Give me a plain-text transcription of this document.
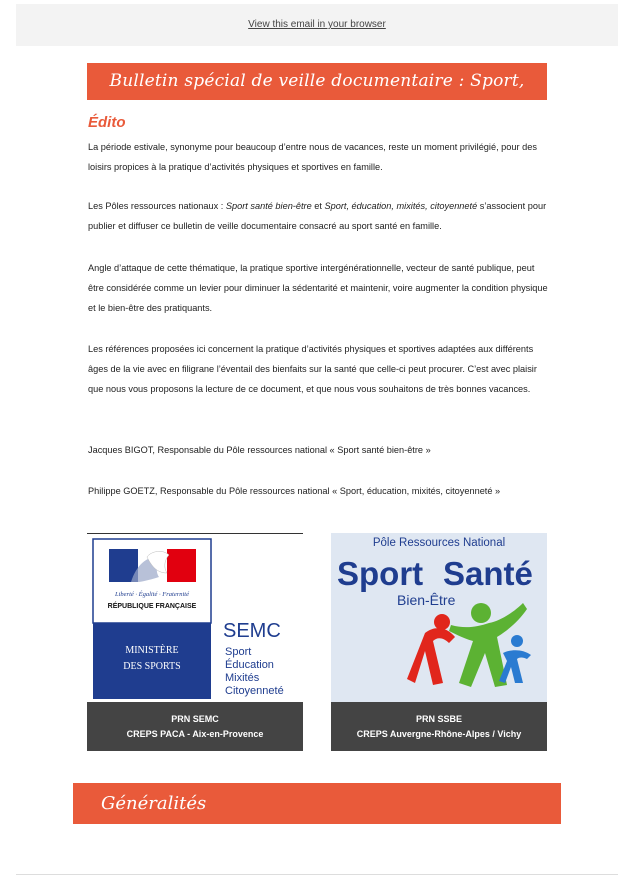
View this email in your browser
Bulletin spécial de veille documentaire : Sport, santé, famille
Édito
La période estivale, synonyme pour beaucoup d’entre nous de vacances, reste un moment privilégié, pour des loisirs propices à la pratique d’activités physiques et sportives en famille.
Les Pôles ressources nationaux : Sport santé bien-être et Sport, éducation, mixités, citoyenneté s’associent pour publier et diffuser ce bulletin de veille documentaire consacré au sport santé en famille.
Angle d’attaque de cette thématique, la pratique sportive intergénérationnelle, vecteur de santé publique, peut être considérée comme un levier pour diminuer la sédentarité et maintenir, voire augmenter la condition physique et le bien-être des pratiquants.
Les références proposées ici concernent la pratique d’activités physiques et sportives adaptées aux différents âges de la vie avec en filigrane l’éventail des bienfaits sur la santé que celle-ci peut procurer. C’est avec plaisir que nous vous proposons la lecture de ce document, et que nous vous souhaitons de très bonnes vacances.
Jacques BIGOT, Responsable du Pôle ressources national « Sport santé bien-être »
Philippe GOETZ, Responsable du Pôle ressources national « Sport, éducation, mixités, citoyenneté »
Liberté · Égalité · Fraternité
RÉPUBLIQUE FRANÇAISE
MINISTÈRE
DES SPORTS
SEMC
Sport
Éducation
Mixités
Citoyenneté
PRN SEMC
CREPS PACA - Aix-en-Provence
Pôle Ressources National
Sport Santé
Bien-Être
PRN SSBE
CREPS Auvergne-Rhône-Alpes / Vichy
Généralités
